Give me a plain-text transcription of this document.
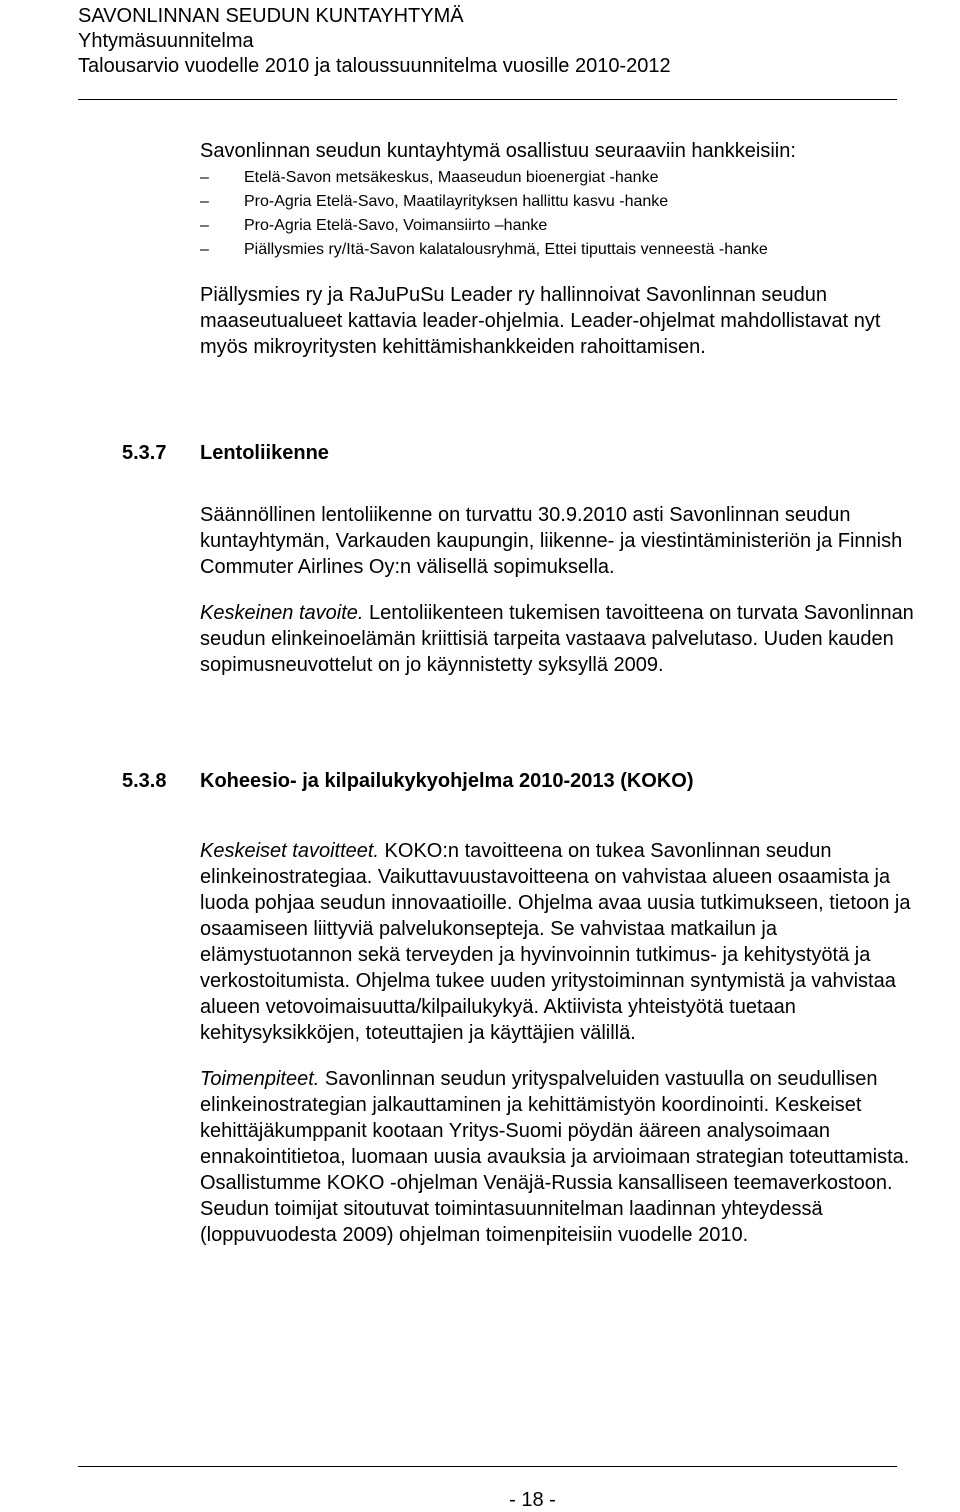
SAVONLINNAN SEUDUN KUNTAYHTYMÄ
Yhtymäsuunnitelma
Talousarvio vuodelle 2010 ja taloussuunnitelma vuosille 2010-2012

Savonlinnan seudun kuntayhtymä osallistuu seuraaviin hankkeisiin:

–	Etelä-Savon metsäkeskus, Maaseudun bioenergiat -hanke
–	Pro-Agria Etelä-Savo, Maatilayrityksen hallittu kasvu -hanke
–	Pro-Agria Etelä-Savo, Voimansiirto –hanke
–	Piällysmies ry/Itä-Savon kalatalousryhmä, Ettei tiputtais venneestä -hanke

Piällysmies ry ja RaJuPuSu Leader ry hallinnoivat Savonlinnan seudun maaseutualueet kattavia leader-ohjelmia. Leader-ohjelmat mahdollistavat nyt myös mikroyritysten kehittämishankkeiden rahoittamisen.

5.3.7 Lentoliikenne

Säännöllinen lentoliikenne on turvattu 30.9.2010 asti Savonlinnan seudun kuntayhtymän, Varkauden kaupungin, liikenne- ja viestintäministeriön ja Finnish Commuter Airlines Oy:n välisellä sopimuksella.

Keskeinen tavoite. Lentoliikenteen tukemisen tavoitteena on turvata Savonlinnan seudun elinkeinoelämän kriittisiä tarpeita vastaava palvelutaso. Uuden kauden sopimusneuvottelut on jo käynnistetty syksyllä 2009.

5.3.8 Koheesio- ja kilpailukykyohjelma 2010-2013 (KOKO)

Keskeiset tavoitteet. KOKO:n tavoitteena on tukea Savonlinnan seudun elinkeinostrategiaa. Vaikuttavuustavoitteena on vahvistaa alueen osaamista ja luoda pohjaa seudun innovaatioille. Ohjelma avaa uusia tutkimukseen, tietoon ja osaamiseen liittyviä palvelukonsepteja. Se vahvistaa matkailun ja elämystuotannon sekä terveyden ja hyvinvoinnin tutkimus- ja kehitystyötä ja verkostoitumista. Ohjelma tukee uuden yritystoiminnan syntymistä ja vahvistaa alueen vetovoimaisuutta/kilpailukykyä. Aktiivista yhteistyötä tuetaan kehitysyksikköjen, toteuttajien ja käyttäjien välillä.

Toimenpiteet. Savonlinnan seudun yrityspalveluiden vastuulla on seudullisen elinkeinostrategian jalkauttaminen ja kehittämistyön koordinointi. Keskeiset kehittäjäkumppanit kootaan Yritys-Suomi pöydän ääreen analysoimaan ennakointitietoa, luomaan uusia avauksia ja arvioimaan strategian toteuttamista. Osallistumme KOKO -ohjelman Venäjä-Russia kansalliseen teemaverkostoon. Seudun toimijat sitoutuvat toimintasuunnitelman laadinnan yhteydessä (loppuvuodesta 2009) ohjelman toimenpiteisiin vuodelle 2010.

- 18 -
